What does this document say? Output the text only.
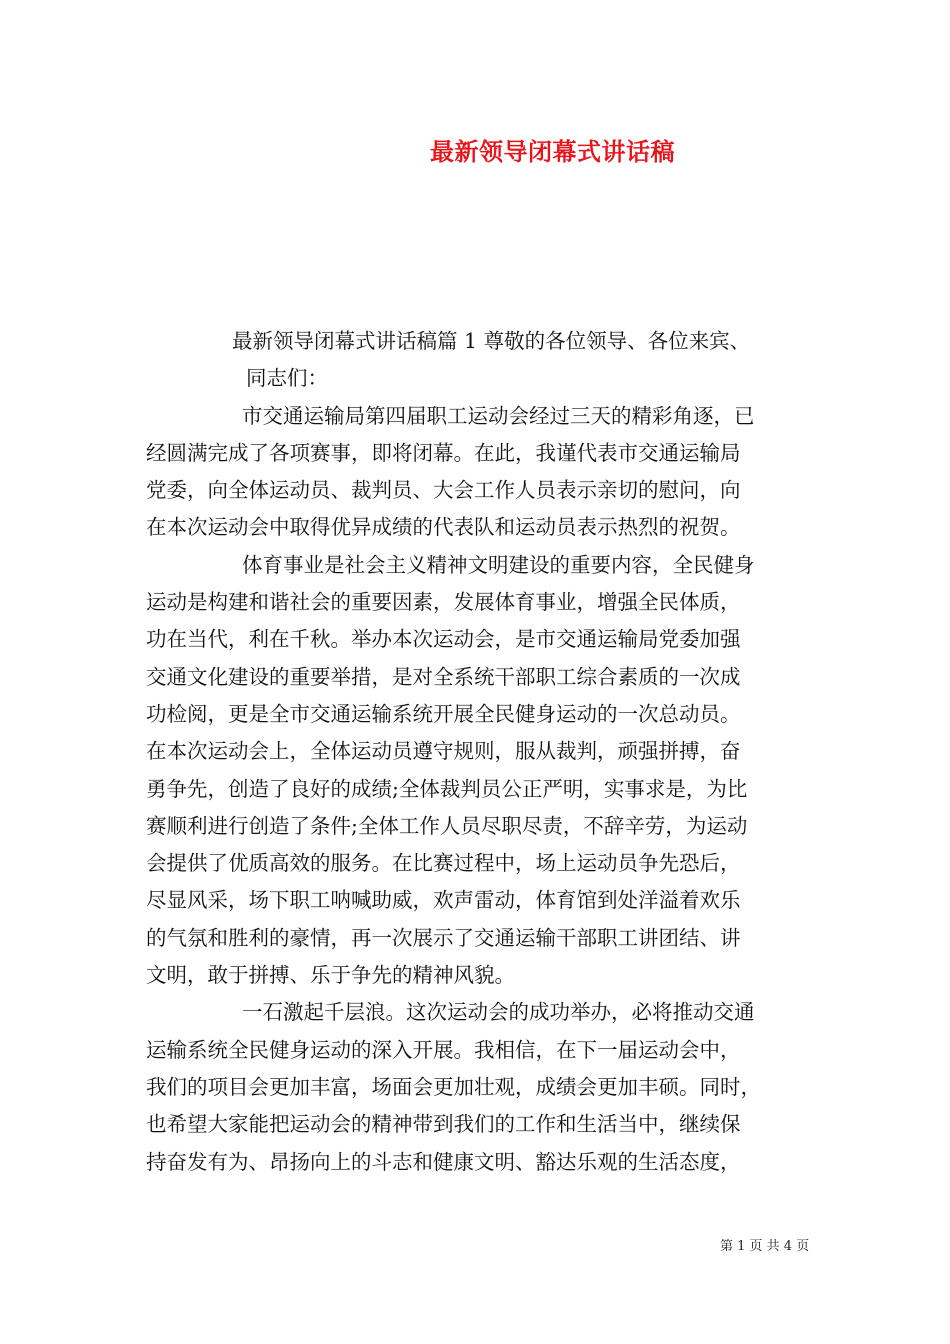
最新领导闭幕式讲话稿
最新领导闭幕式讲话稿篇 1 尊敬的各位领导、各位来宾、
同志们：
市交通运输局第四届职工运动会经过三天的精彩角逐，已
经圆满完成了各项赛事，即将闭幕。在此，我谨代表市交通运输局
党委，向全体运动员、裁判员、大会工作人员表示亲切的慰问，向
在本次运动会中取得优异成绩的代表队和运动员表示热烈的祝贺。
体育事业是社会主义精神文明建设的重要内容，全民健身
运动是构建和谐社会的重要因素，发展体育事业，增强全民体质，
功在当代，利在千秋。举办本次运动会，是市交通运输局党委加强
交通文化建设的重要举措，是对全系统干部职工综合素质的一次成
功检阅，更是全市交通运输系统开展全民健身运动的一次总动员。
在本次运动会上，全体运动员遵守规则，服从裁判，顽强拼搏，奋
勇争先，创造了良好的成绩;全体裁判员公正严明，实事求是，为比
赛顺利进行创造了条件;全体工作人员尽职尽责，不辞辛劳，为运动
会提供了优质高效的服务。在比赛过程中，场上运动员争先恐后，
尽显风采，场下职工呐喊助威，欢声雷动，体育馆到处洋溢着欢乐
的气氛和胜利的豪情，再一次展示了交通运输干部职工讲团结、讲
文明，敢于拼搏、乐于争先的精神风貌。
一石激起千层浪。这次运动会的成功举办，必将推动交通
运输系统全民健身运动的深入开展。我相信，在下一届运动会中，
我们的项目会更加丰富，场面会更加壮观，成绩会更加丰硕。同时，
也希望大家能把运动会的精神带到我们的工作和生活当中，继续保
持奋发有为、昂扬向上的斗志和健康文明、豁达乐观的生活态度，
第 1 页 共 4 页
